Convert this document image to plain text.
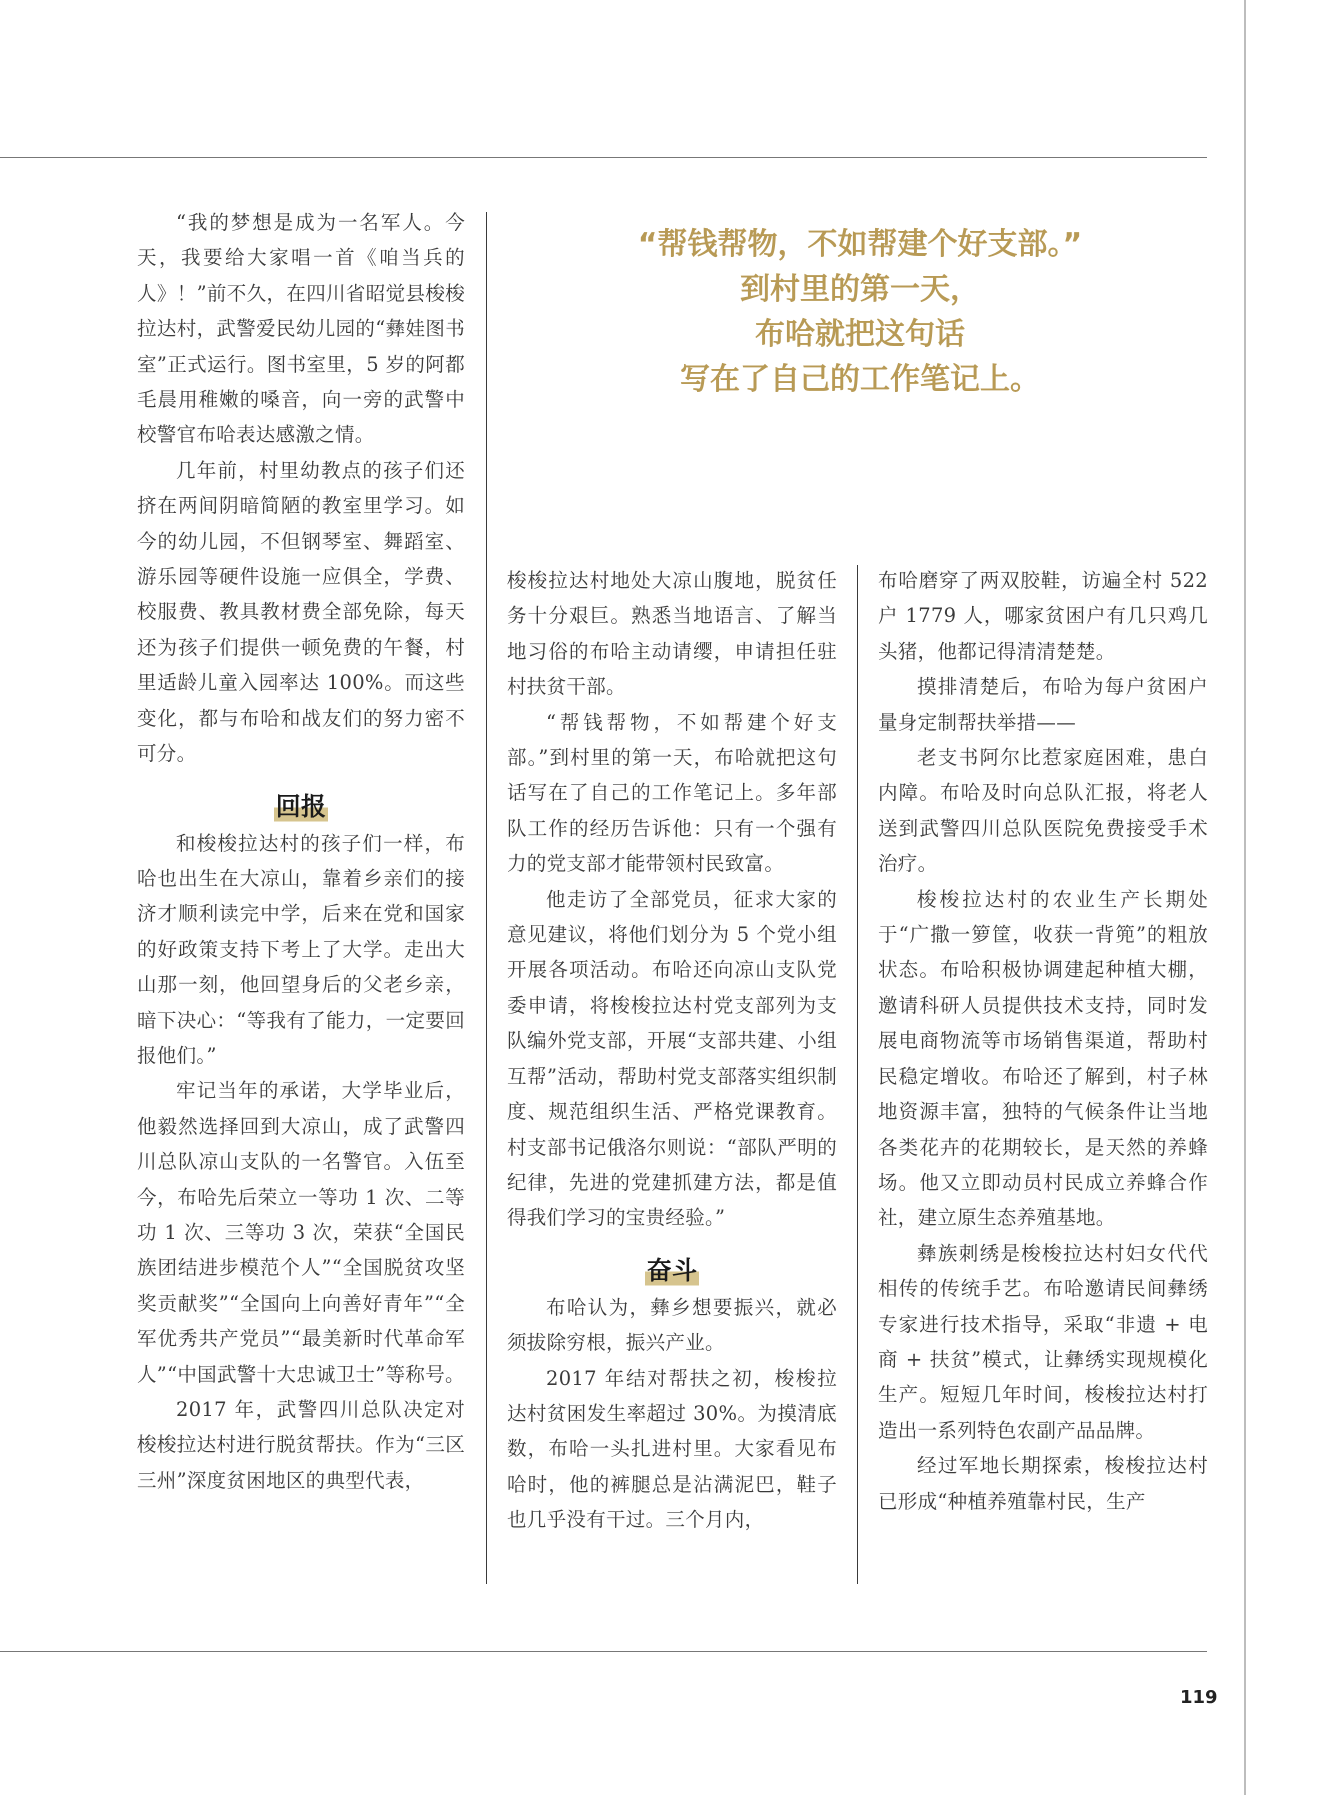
“帮钱帮物，不如帮建个好支部。”
到村里的第一天，
布哈就把这句话
写在了自己的工作笔记上。

“我的梦想是成为一名军人。今天，我要给大家唱一首《咱当兵的人》！”前不久，在四川省昭觉县梭梭拉达村，武警爱民幼儿园的“彝娃图书室”正式运行。图书室里，5 岁的阿都毛晨用稚嫩的嗓音，向一旁的武警中校警官布哈表达感激之情。

几年前，村里幼教点的孩子们还挤在两间阴暗简陋的教室里学习。如今的幼儿园，不但钢琴室、舞蹈室、游乐园等硬件设施一应俱全，学费、校服费、教具教材费全部免除，每天还为孩子们提供一顿免费的午餐，村里适龄儿童入园率达 100%。而这些变化，都与布哈和战友们的努力密不可分。

回报

和梭梭拉达村的孩子们一样，布哈也出生在大凉山，靠着乡亲们的接济才顺利读完中学，后来在党和国家的好政策支持下考上了大学。走出大山那一刻，他回望身后的父老乡亲，暗下决心：“等我有了能力，一定要回报他们。”

牢记当年的承诺，大学毕业后，他毅然选择回到大凉山，成了武警四川总队凉山支队的一名警官。入伍至今，布哈先后荣立一等功 1 次、二等功 1 次、三等功 3 次，荣获“全国民族团结进步模范个人”“全国脱贫攻坚奖贡献奖”“全国向上向善好青年”“全军优秀共产党员”“最美新时代革命军人”“中国武警十大忠诚卫士”等称号。

2017 年，武警四川总队决定对梭梭拉达村进行脱贫帮扶。作为“三区三州”深度贫困地区的典型代表，

梭梭拉达村地处大凉山腹地，脱贫任务十分艰巨。熟悉当地语言、了解当地习俗的布哈主动请缨，申请担任驻村扶贫干部。

“帮钱帮物，不如帮建个好支部。”到村里的第一天，布哈就把这句话写在了自己的工作笔记上。多年部队工作的经历告诉他：只有一个强有力的党支部才能带领村民致富。

他走访了全部党员，征求大家的意见建议，将他们划分为 5 个党小组开展各项活动。布哈还向凉山支队党委申请，将梭梭拉达村党支部列为支队编外党支部，开展“支部共建、小组互帮”活动，帮助村党支部落实组织制度、规范组织生活、严格党课教育。村支部书记俄洛尔则说：“部队严明的纪律，先进的党建抓建方法，都是值得我们学习的宝贵经验。”

奋斗

布哈认为，彝乡想要振兴，就必须拔除穷根，振兴产业。

2017 年结对帮扶之初，梭梭拉达村贫困发生率超过 30%。为摸清底数，布哈一头扎进村里。大家看见布哈时，他的裤腿总是沾满泥巴，鞋子也几乎没有干过。三个月内，

布哈磨穿了两双胶鞋，访遍全村 522 户 1779 人，哪家贫困户有几只鸡几头猪，他都记得清清楚楚。

摸排清楚后，布哈为每户贫困户量身定制帮扶举措——

老支书阿尔比惹家庭困难，患白内障。布哈及时向总队汇报，将老人送到武警四川总队医院免费接受手术治疗。

梭梭拉达村的农业生产长期处于“广撒一箩筐，收获一背篼”的粗放状态。布哈积极协调建起种植大棚，邀请科研人员提供技术支持，同时发展电商物流等市场销售渠道，帮助村民稳定增收。布哈还了解到，村子林地资源丰富，独特的气候条件让当地各类花卉的花期较长，是天然的养蜂场。他又立即动员村民成立养蜂合作社，建立原生态养殖基地。

彝族刺绣是梭梭拉达村妇女代代相传的传统手艺。布哈邀请民间彝绣专家进行技术指导，采取“非遗 + 电商 + 扶贫”模式，让彝绣实现规模化生产。短短几年时间，梭梭拉达村打造出一系列特色农副产品品牌。

经过军地长期探索，梭梭拉达村已形成“种植养殖靠村民，生产

119
